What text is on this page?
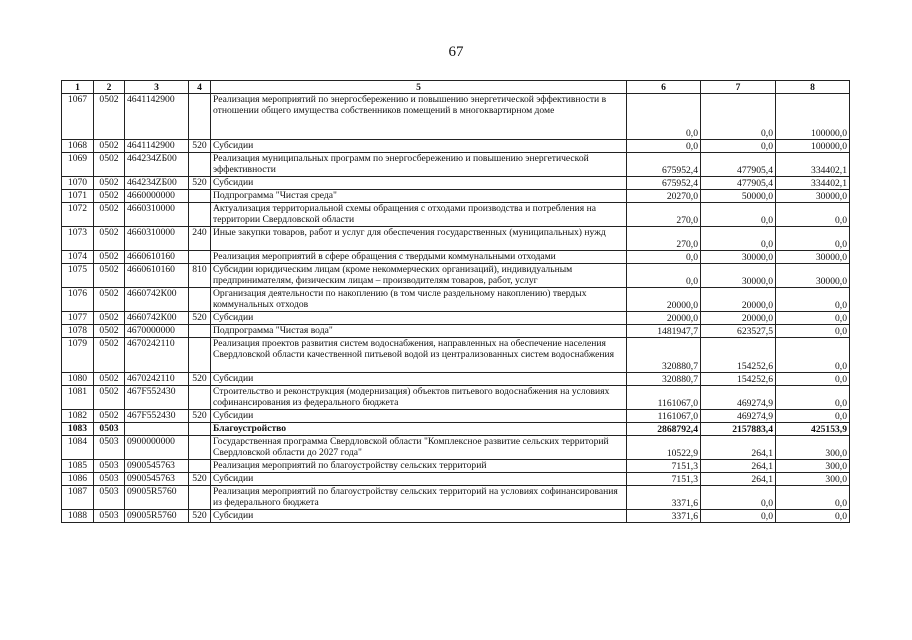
67
1	2	3	4	5	6	7	8
1067	0502	4641142900		Реализация мероприятий по энергосбережению и повышению энергетической эффективности в отношении общего имущества собственников помещений в многоквартирном доме	0,0	0,0	100000,0
1068	0502	4641142900	520	Субсидии	0,0	0,0	100000,0
1069	0502	464234ZБ00		Реализация муниципальных программ по энергосбережению и повышению энергетической эффективности	675952,4	477905,4	334402,1
1070	0502	464234ZБ00	520	Субсидии	675952,4	477905,4	334402,1
1071	0502	4660000000		Подпрограмма "Чистая среда"	20270,0	50000,0	30000,0
1072	0502	4660310000		Актуализация территориальной схемы обращения с отходами производства и потребления на территории Свердловской области	270,0	0,0	0,0
1073	0502	4660310000	240	Иные закупки товаров, работ и услуг для обеспечения государственных (муниципальных) нужд	270,0	0,0	0,0
1074	0502	4660610160		Реализация мероприятий в сфере обращения с твердыми коммунальными отходами	0,0	30000,0	30000,0
1075	0502	4660610160	810	Субсидии юридическим лицам (кроме некоммерческих организаций), индивидуальным предпринимателям, физическим лицам – производителям товаров, работ, услуг	0,0	30000,0	30000,0
1076	0502	4660742К00		Организация деятельности по накоплению (в том числе раздельному накоплению) твердых коммунальных отходов	20000,0	20000,0	0,0
1077	0502	4660742К00	520	Субсидии	20000,0	20000,0	0,0
1078	0502	4670000000		Подпрограмма "Чистая вода"	1481947,7	623527,5	0,0
1079	0502	4670242110		Реализация проектов развития систем водоснабжения, направленных на обеспечение населения Свердловской области качественной питьевой водой из централизованных систем водоснабжения	320880,7	154252,6	0,0
1080	0502	4670242110	520	Субсидии	320880,7	154252,6	0,0
1081	0502	467F552430		Строительство и реконструкция (модернизация) объектов питьевого водоснабжения на условиях софинансирования из федерального бюджета	1161067,0	469274,9	0,0
1082	0502	467F552430	520	Субсидии	1161067,0	469274,9	0,0
1083	0503			Благоустройство	2868792,4	2157883,4	425153,9
1084	0503	0900000000		Государственная программа Свердловской области "Комплексное развитие сельских территорий Свердловской области до 2027 года"	10522,9	264,1	300,0
1085	0503	0900545763		Реализация мероприятий по благоустройству сельских территорий	7151,3	264,1	300,0
1086	0503	0900545763	520	Субсидии	7151,3	264,1	300,0
1087	0503	09005R5760		Реализация мероприятий по благоустройству сельских территорий на условиях софинансирования из федерального бюджета	3371,6	0,0	0,0
1088	0503	09005R5760	520	Субсидии	3371,6	0,0	0,0
